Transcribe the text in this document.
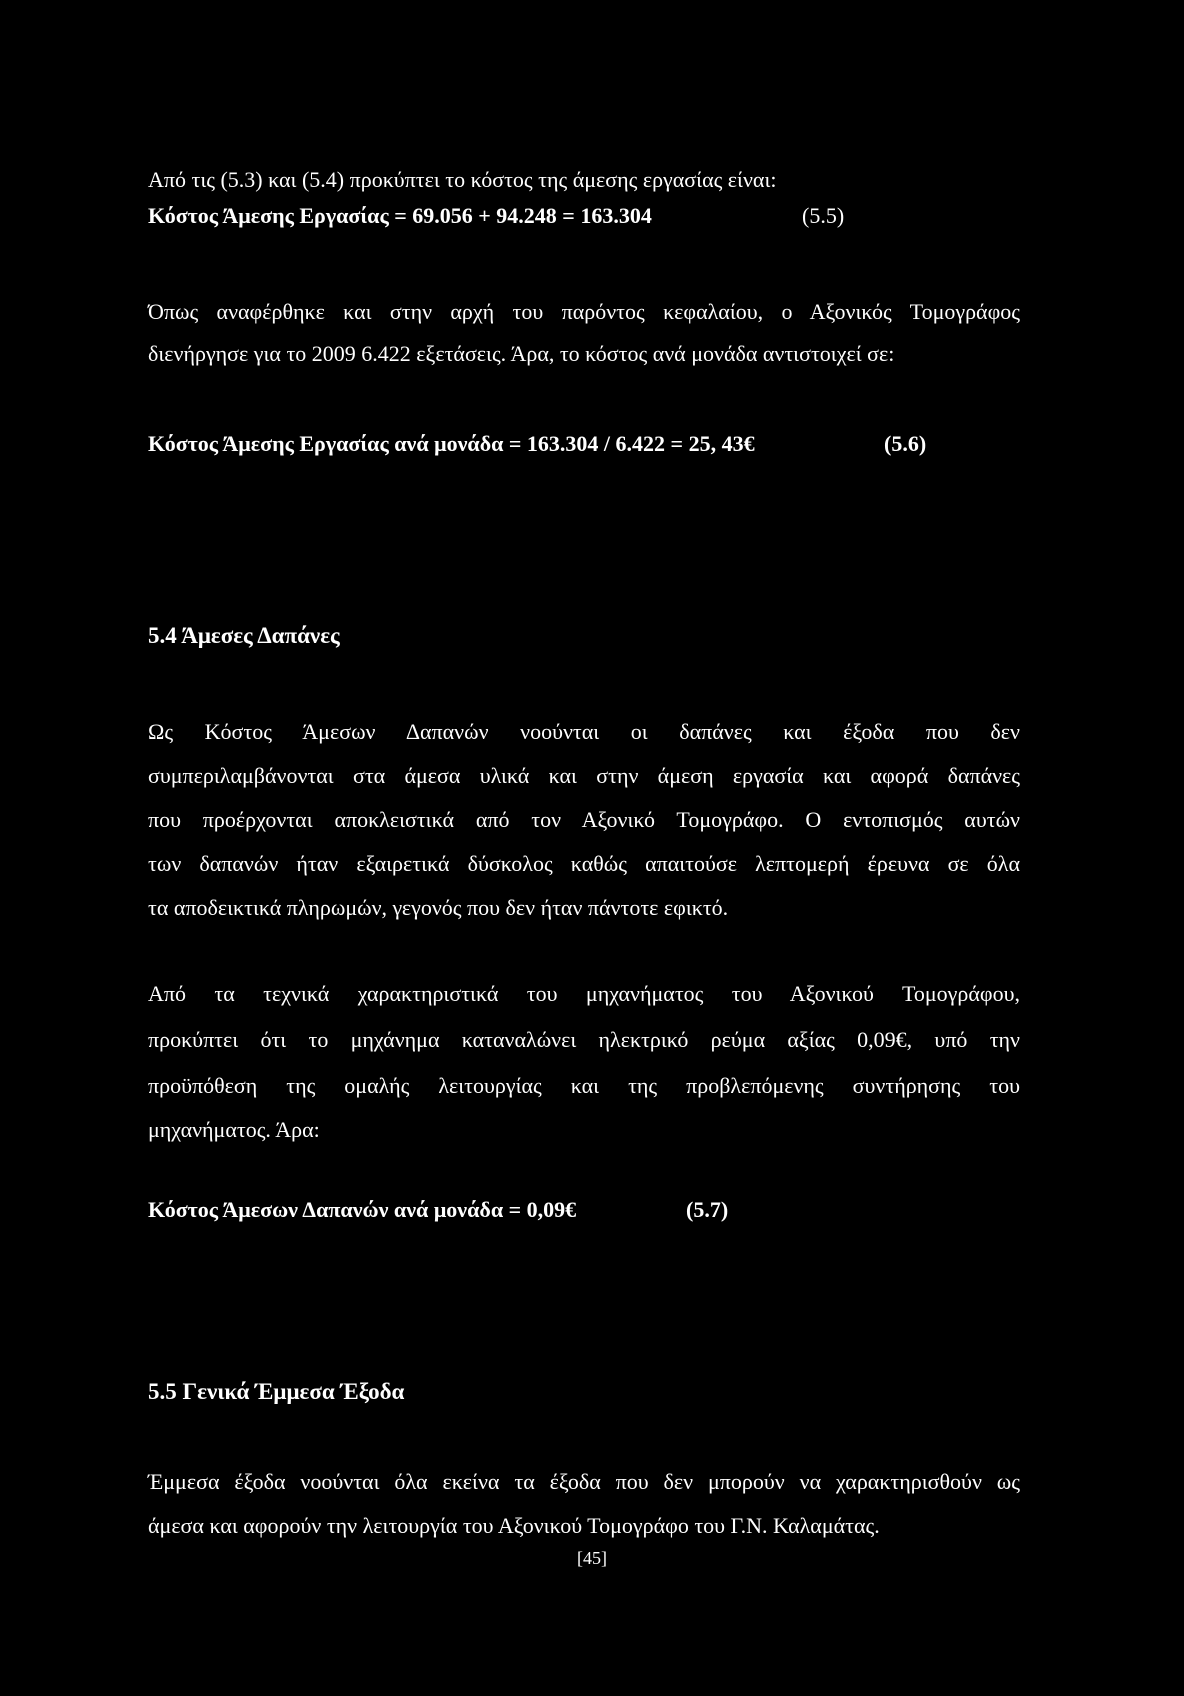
Από τις (5.3) και (5.4) προκύπτει το κόστος της άμεσης εργασίας είναι:
Κόστος Άμεσης Εργασίας = 69.056 + 94.248 = 163.304	(5.5)
Όπως αναφέρθηκε και στην αρχή του παρόντος κεφαλαίου, ο Αξονικός Τομογράφος
διενήργησε για το 2009 6.422 εξετάσεις. Άρα, το κόστος ανά μονάδα αντιστοιχεί σε:
Κόστος Άμεσης Εργασίας ανά μονάδα = 163.304 / 6.422 = 25, 43€	(5.6)
5.4 Άμεσες Δαπάνες
Ως Κόστος Άμεσων Δαπανών νοούνται οι δαπάνες και έξοδα που δεν
συμπεριλαμβάνονται στα άμεσα υλικά και στην άμεση εργασία και αφορά δαπάνες
που προέρχονται αποκλειστικά από τον Αξονικό Τομογράφο. Ο εντοπισμός αυτών
των δαπανών ήταν εξαιρετικά δύσκολος καθώς απαιτούσε λεπτομερή έρευνα σε όλα
τα αποδεικτικά πληρωμών, γεγονός που δεν ήταν πάντοτε εφικτό.
Από τα τεχνικά χαρακτηριστικά του μηχανήματος του Αξονικού Τομογράφου,
προκύπτει ότι το μηχάνημα καταναλώνει ηλεκτρικό ρεύμα αξίας 0,09€, υπό την
προϋπόθεση της ομαλής λειτουργίας και της προβλεπόμενης συντήρησης του
μηχανήματος. Άρα:
Κόστος Άμεσων Δαπανών ανά μονάδα = 0,09€	(5.7)
5.5 Γενικά Έμμεσα Έξοδα
Έμμεσα έξοδα νοούνται όλα εκείνα τα έξοδα που δεν μπορούν να χαρακτηρισθούν ως
άμεσα και αφορούν την λειτουργία του Αξονικού Τομογράφο του Γ.Ν. Καλαμάτας.
[45]
